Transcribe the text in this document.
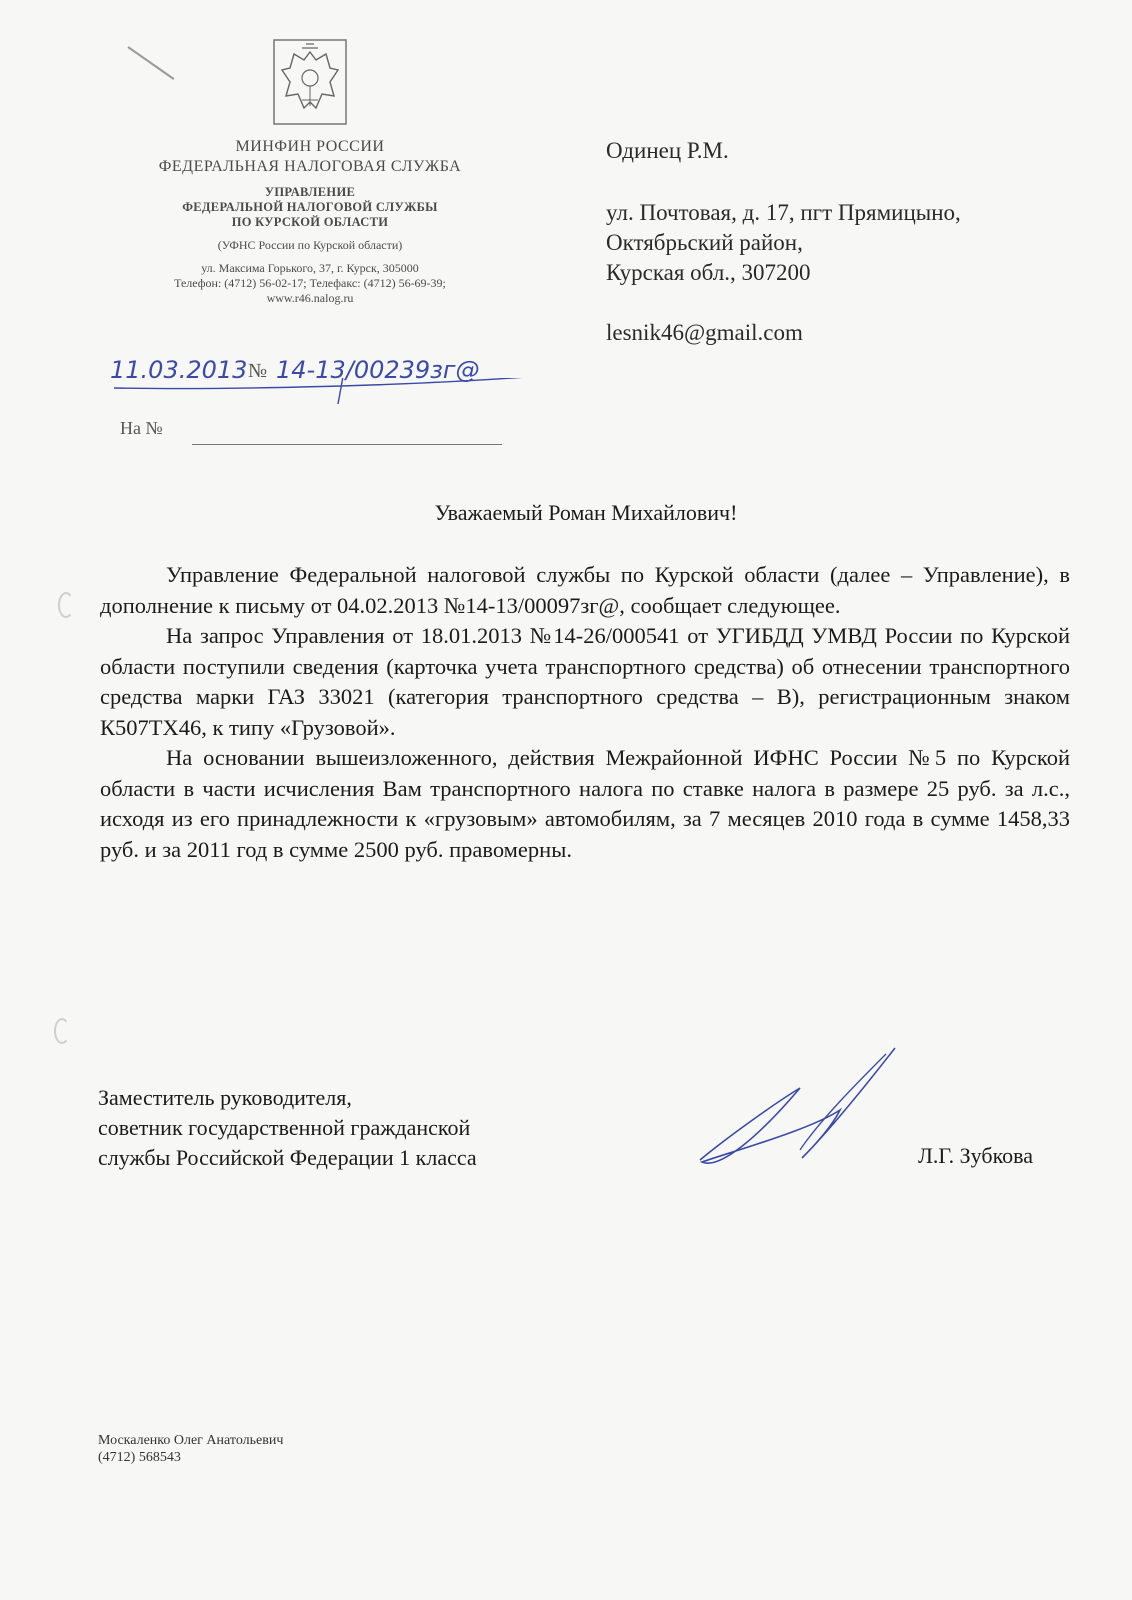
МИНФИН РОССИИ
ФЕДЕРАЛЬНАЯ НАЛОГОВАЯ СЛУЖБА
УПРАВЛЕНИЕ
ФЕДЕРАЛЬНОЙ НАЛОГОВОЙ СЛУЖБЫ
ПО КУРСКОЙ ОБЛАСТИ
(УФНС России по Курской области)
ул. Максима Горького, 37, г. Курск, 305000
Телефон: (4712) 56-02-17; Телефакс: (4712) 56-69-39;
www.r46.nalog.ru
11.03.2013 № 14-13/00239зг@
На №
Одинец Р.М.
ул. Почтовая, д. 17, пгт Прямицыно,
Октябрьский район,
Курская обл., 307200
lesnik46@gmail.com
Уважаемый Роман Михайлович!

Управление Федеральной налоговой службы по Курской области (далее – Управление), в дополнение к письму от 04.02.2013 №14-13/00097зг@, сообщает следующее.

На запрос Управления от 18.01.2013 №14-26/000541 от УГИБДД УМВД России по Курской области поступили сведения (карточка учета транспортного средства) об отнесении транспортного средства марки ГАЗ 33021 (категория транспортного средства – В), регистрационным знаком К507ТХ46, к типу «Грузовой».

На основании вышеизложенного, действия Межрайонной ИФНС России №5 по Курской области в части исчисления Вам транспортного налога по ставке налога в размере 25 руб. за л.с., исходя из его принадлежности к «грузовым» автомобилям, за 7 месяцев 2010 года в сумме 1458,33 руб. и за 2011 год в сумме 2500 руб. правомерны.

Заместитель руководителя,
советник государственной гражданской
службы Российской Федерации 1 класса	Л.Г. Зубкова
Москаленко Олег Анатольевич
(4712) 568543
